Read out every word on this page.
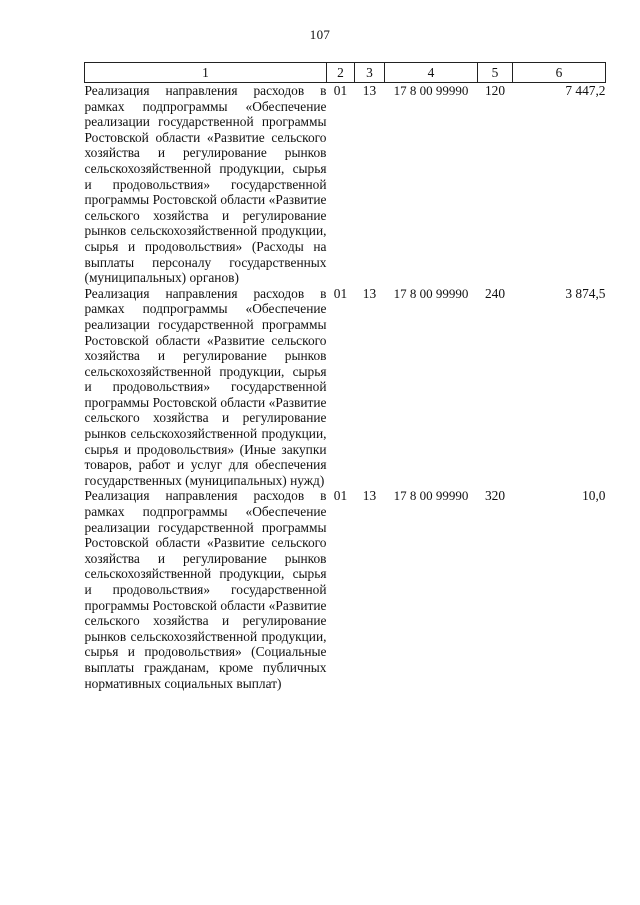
107
1	2	3	4	5	6
Реализация направления расходов в рамках подпрограммы «Обеспечение реализации государственной программы Ростовской области «Развитие сельского хозяйства и регулирование рынков сельскохозяйственной продукции, сырья и продовольствия» государственной программы Ростовской области «Развитие сельского хозяйства и регулирование рынков сельскохозяйственной продукции, сырья и продовольствия» (Расходы на выплаты персоналу государственных (муниципальных) органов)	01	13	17 8 00 99990	120	7 447,2
Реализация направления расходов в рамках подпрограммы «Обеспечение реализации государственной программы Ростовской области «Развитие сельского хозяйства и регулирование рынков сельскохозяйственной продукции, сырья и продовольствия» государственной программы Ростовской области «Развитие сельского хозяйства и регулирование рынков сельскохозяйственной продукции, сырья и продовольствия» (Иные закупки товаров, работ и услуг для обеспечения государственных (муниципальных) нужд)	01	13	17 8 00 99990	240	3 874,5
Реализация направления расходов в рамках подпрограммы «Обеспечение реализации государственной программы Ростовской области «Развитие сельского хозяйства и регулирование рынков сельскохозяйственной продукции, сырья и продовольствия» государственной программы Ростовской области «Развитие сельского хозяйства и регулирование рынков сельскохозяйственной продукции, сырья и продовольствия» (Социальные выплаты гражданам, кроме публичных нормативных социальных выплат)	01	13	17 8 00 99990	320	10,0
